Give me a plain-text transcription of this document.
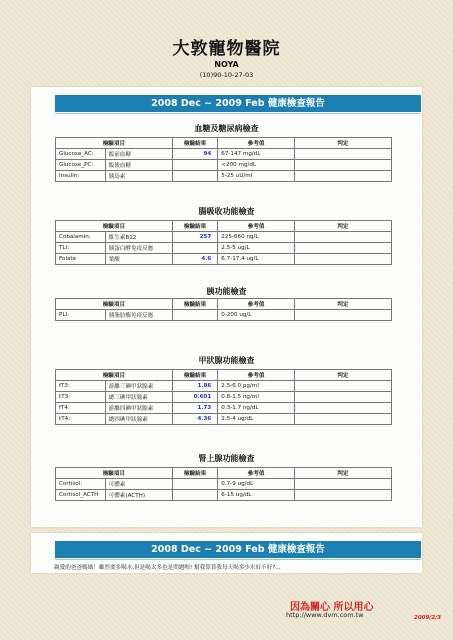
大敦寵物醫院
NOYA
(10)90-10-27-03
2008 Dec ~ 2009 Feb 健康檢查報告
血糖及糖尿病檢查
檢驗項目		檢驗結果	參考值	判定
Glucose_AC:	飯前血糖	94	67-147 mg/dL	
Glucose_PC:	飯後血糖		<200 mg/dL	
Insulin:	胰島素		5-25 uU/ml	
腸吸收功能檢查
檢驗項目		檢驗結果	參考值	判定
Cobalamin:	維生素B12	257	225-660 ng/L	
TLI:	胰蛋白酵免疫反應		2.5-5 ug/L	
Folate	葉酸	4.6	6.7-17.4 ug/L	
胰功能檢查
檢驗項目		檢驗結果	參考值	判定
PLI:	胰脂肪酶免疫反應		0-200 ug/L	
甲狀腺功能檢查
檢驗項目		檢驗結果	參考值	判定
fT3:	游離三碘甲狀腺素	1.86	2.5-6.0 pg/ml	
tT3:	總三碘甲狀腺素	0.601	0.8-1.5 ng/ml	
fT4:	游離四碘甲狀腺素	1.73	0.3-1.7 ng/dL	
tT4:	總四碘甲狀腺素	4.36	1.5-4 ug/dL	
腎上腺功能檢查
檢驗項目		檢驗結果	參考值	判定
Cortisol:	可體素		0.7-9 ug/dL	
Cortisol_ACTH	可體素(ACTH)		6-15 ug/dL	
2008 Dec ~ 2009 Feb 健康檢查報告
親愛的爸爸媽媽！雖然要多喝水,但是喝太多也是問題喔! 幫我算算我每天喝多少水好不好?...
因為關心 所以用心
http://www.dvm.com.tw	2009/2/3
